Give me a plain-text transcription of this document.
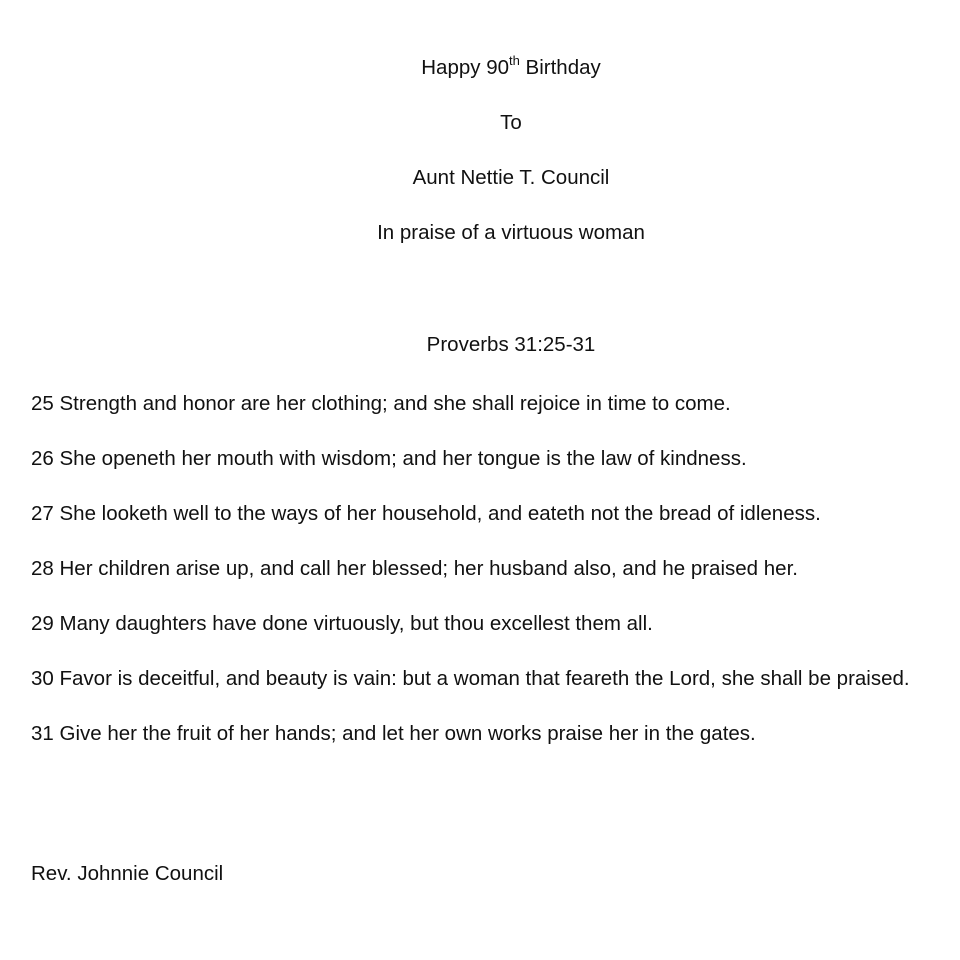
Happy 90th Birthday
To
Aunt Nettie T. Council
In praise of a virtuous woman
Proverbs 31:25-31

25 Strength and honor are her clothing; and she shall rejoice in time to come.

26 She openeth her mouth with wisdom; and her tongue is the law of kindness.

27 She looketh well to the ways of her household, and eateth not the bread of idleness.

28 Her children arise up, and call her blessed; her husband also, and he praised her.

29 Many daughters have done virtuously, but thou excellest them all.

30 Favor is deceitful, and beauty is vain: but a woman that feareth the Lord, she shall be praised.

31 Give her the fruit of her hands; and let her own works praise her in the gates.

Rev. Johnnie Council
